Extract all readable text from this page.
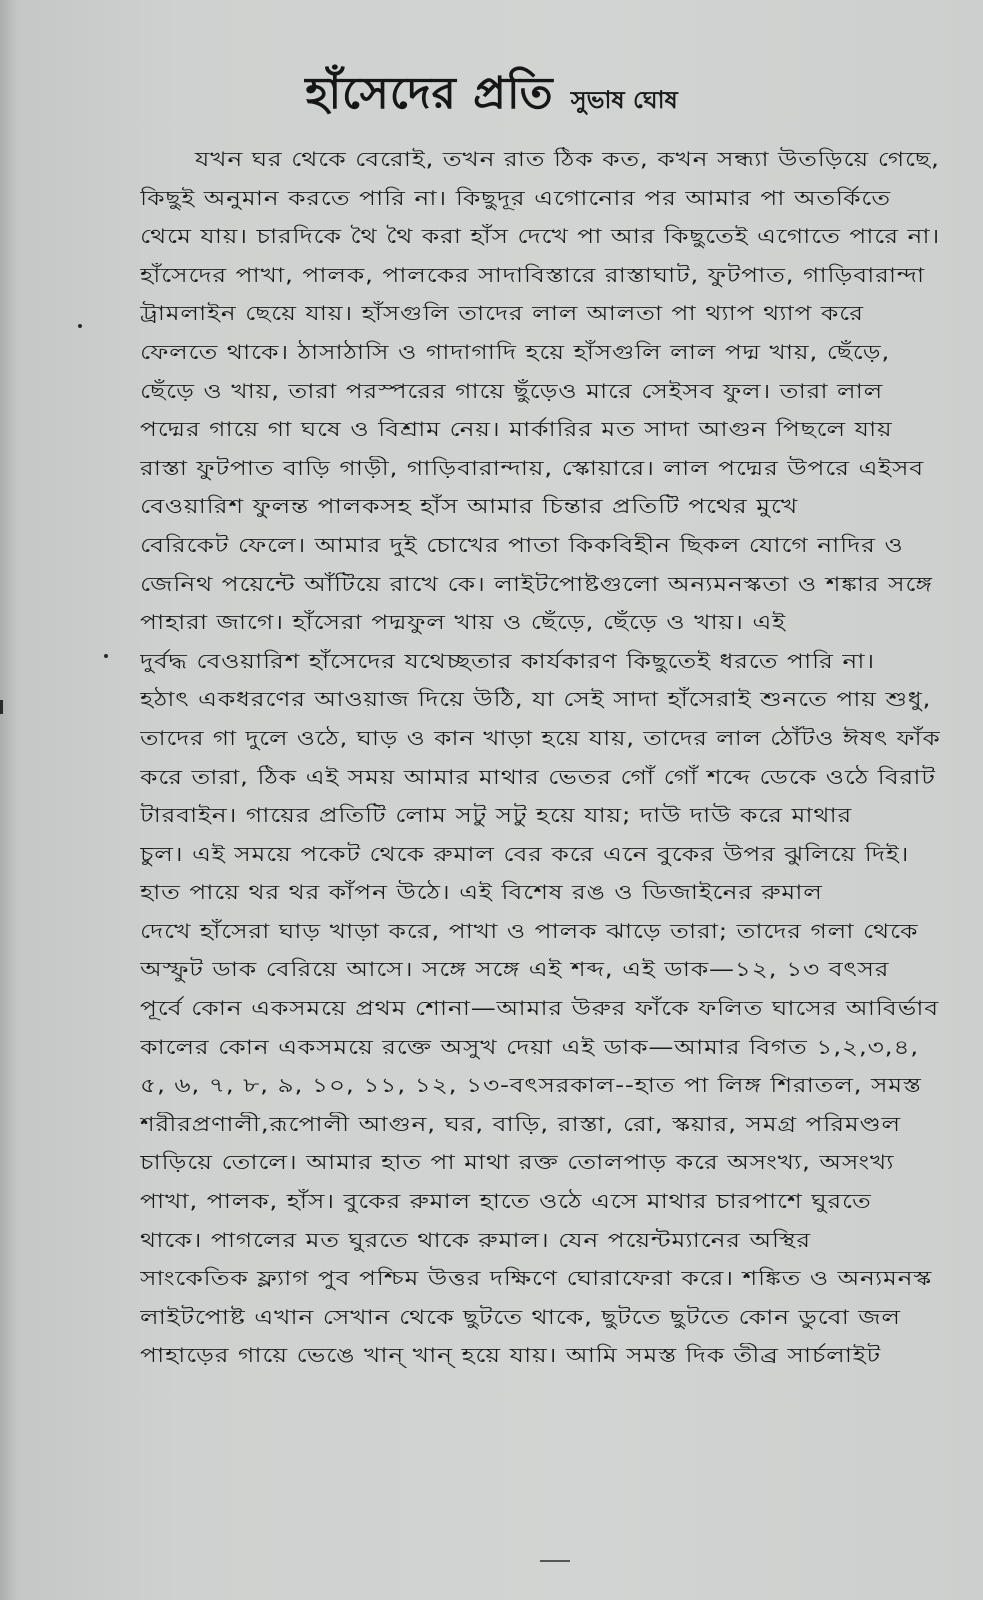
হাঁসেদের প্রতি সুভাষ ঘোষ
যখন ঘর থেকে বেরোই, তখন রাত ঠিক কত, কখন সন্ধ্যা উতড়িয়ে গেছে,
কিছুই অনুমান করতে পারি না। কিছুদূর এগোনোর পর আমার পা অতর্কিতে
থেমে যায়। চারদিকে থৈ থৈ করা হাঁস দেখে পা আর কিছুতেই এগোতে পারে না।
হাঁসেদের পাখা, পালক, পালকের সাদাবিস্তারে রাস্তাঘাট, ফুটপাত, গাড়িবারান্দা
ট্রামলাইন ছেয়ে যায়। হাঁসগুলি তাদের লাল আলতা পা থ্যাপ থ্যাপ করে
ফেলতে থাকে। ঠাসাঠাসি ও গাদাগাদি হয়ে হাঁসগুলি লাল পদ্ম খায়, ছেঁড়ে,
ছেঁড়ে ও খায়, তারা পরস্পরের গায়ে ছুঁড়েও মারে সেইসব ফুল। তারা লাল
পদ্মের গায়ে গা ঘষে ও বিশ্রাম নেয়। মার্কারির মত সাদা আগুন পিছলে যায়
রাস্তা ফুটপাত বাড়ি গাড়ী, গাড়িবারান্দায়, স্কোয়ারে। লাল পদ্মের উপরে এইসব
বেওয়ারিশ ফুলন্ত পালকসহ হাঁস আমার চিন্তার প্রতিটি পথের মুখে
বেরিকেট ফেলে। আমার দুই চোখের পাতা কিকবিহীন ছিকল যোগে নাদির ও
জেনিথ পয়েন্টে আঁটিয়ে রাখে কে। লাইটপোষ্টগুলো অন্যমনস্কতা ও শঙ্কার সঙ্গে
পাহারা জাগে। হাঁসেরা পদ্মফুল খায় ও ছেঁড়ে, ছেঁড়ে ও খায়। এই
দুর্বদ্ধ বেওয়ারিশ হাঁসেদের যথেচ্ছতার কার্যকারণ কিছুতেই ধরতে পারি না।
হঠাৎ একধরণের আওয়াজ দিয়ে উঠি, যা সেই সাদা হাঁসেরাই শুনতে পায় শুধু,
তাদের গা দুলে ওঠে, ঘাড় ও কান খাড়া হয়ে যায়, তাদের লাল ঠোঁটও ঈষৎ ফাঁক
করে তারা, ঠিক এই সময় আমার মাথার ভেতর গোঁ গোঁ শব্দে ডেকে ওঠে বিরাট
টারবাইন। গায়ের প্রতিটি লোম সটু সটু হয়ে যায়; দাউ দাউ করে মাথার
চুল। এই সময়ে পকেট থেকে রুমাল বের করে এনে বুকের উপর ঝুলিয়ে দিই।
হাত পায়ে থর থর কাঁপন উঠে। এই বিশেষ রঙ ও ডিজাইনের রুমাল
দেখে হাঁসেরা ঘাড় খাড়া করে, পাখা ও পালক ঝাড়ে তারা; তাদের গলা থেকে
অস্ফুট ডাক বেরিয়ে আসে। সঙ্গে সঙ্গে এই শব্দ, এই ডাক—১২, ১৩ বৎসর
পূর্বে কোন একসময়ে প্রথম শোনা—আমার উরুর ফাঁকে ফলিত ঘাসের আবির্ভাব
কালের কোন একসময়ে রক্তে অসুখ দেয়া এই ডাক—আমার বিগত ১,২,৩,৪,
৫, ৬, ৭, ৮, ৯, ১০, ১১, ১২, ১৩-বৎসরকাল--হাত পা লিঙ্গ শিরাতল, সমস্ত
শরীরপ্রণালী,রূপোলী আগুন, ঘর, বাড়ি, রাস্তা, রো, স্কয়ার, সমগ্র পরিমণ্ডল
চাড়িয়ে তোলে। আমার হাত পা মাথা রক্ত তোলপাড় করে অসংখ্য, অসংখ্য
পাখা, পালক, হাঁস। বুকের রুমাল হাতে ওঠে এসে মাথার চারপাশে ঘুরতে
থাকে। পাগলের মত ঘুরতে থাকে রুমাল। যেন পয়েন্টম্যানের অস্থির
সাংকেতিক ফ্ল্যাগ পুব পশ্চিম উত্তর দক্ষিণে ঘোরাফেরা করে। শঙ্কিত ও অন্যমনস্ক
লাইটপোষ্ট এখান সেখান থেকে ছুটতে থাকে, ছুটতে ছুটতে কোন ডুবো জল
পাহাড়ের গায়ে ভেঙে খান্ খান্ হয়ে যায়। আমি সমস্ত দিক তীব্র সার্চলাইট
